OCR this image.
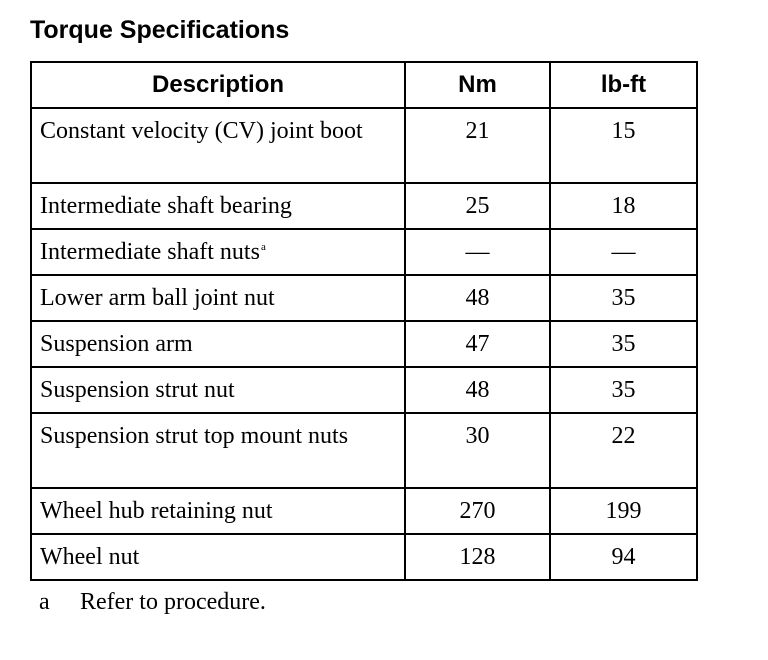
Torque Specifications
Description	Nm	lb-ft
Constant velocity (CV) joint boot	21	15
Intermediate shaft bearing	25	18
Intermediate shaft nuts$^a$	—	—
Lower arm ball joint nut	48	35
Suspension arm	47	35
Suspension strut nut	48	35
Suspension strut top mount nuts	30	22
Wheel hub retaining nut	270	199
Wheel nut	128	94
a Refer to procedure.
